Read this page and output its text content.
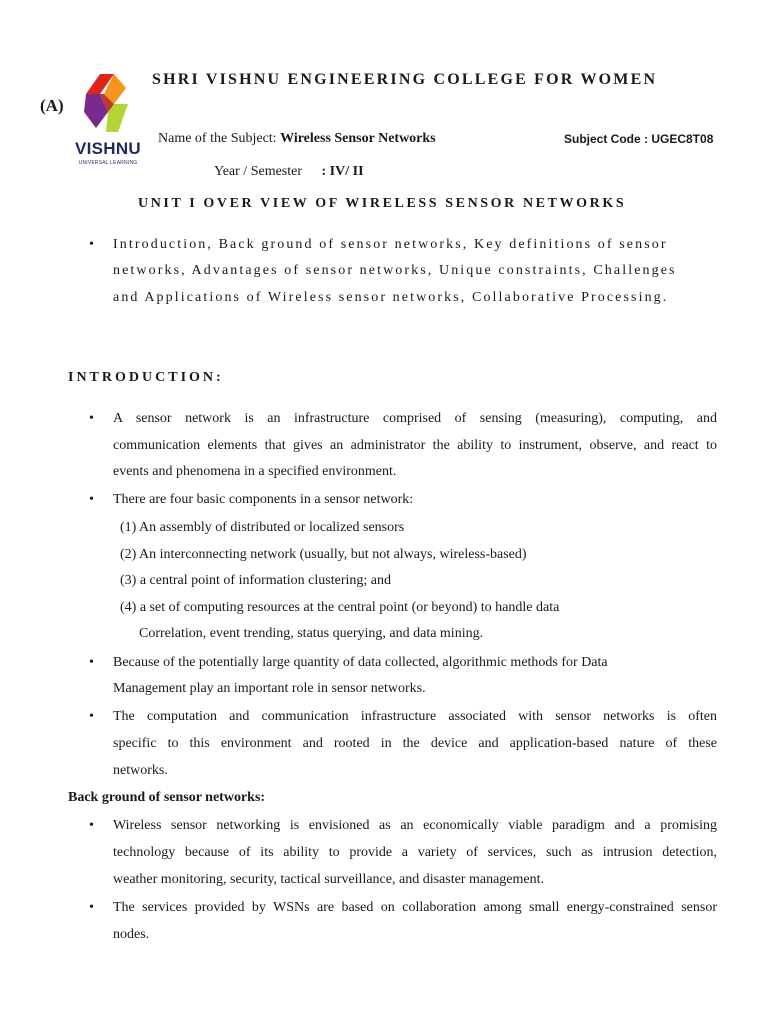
(A)
VISHNU
UNIVERSAL LEARNING
SHRI VISHNU ENGINEERING COLLEGE FOR WOMEN
Name of the Subject: Wireless Sensor Networks	Subject Code : UGEC8T08
Year / Semester : IV/ II
UNIT I OVER VIEW OF WIRELESS SENSOR NETWORKS
• Introduction, Back ground of sensor networks, Key definitions of sensor
networks, Advantages of sensor networks, Unique constraints, Challenges
and Applications of Wireless sensor networks, Collaborative Processing.
INTRODUCTION:
• A sensor network is an infrastructure comprised of sensing (measuring), computing, and
communication elements that gives an administrator the ability to instrument, observe, and react to
events and phenomena in a specified environment.
• There are four basic components in a sensor network:
(1) An assembly of distributed or localized sensors
(2) An interconnecting network (usually, but not always, wireless-based)
(3) a central point of information clustering; and
(4) a set of computing resources at the central point (or beyond) to handle data
Correlation, event trending, status querying, and data mining.
• Because of the potentially large quantity of data collected, algorithmic methods for Data
Management play an important role in sensor networks.
• The computation and communication infrastructure associated with sensor networks is often
specific to this environment and rooted in the device and application-based nature of these
networks.
Back ground of sensor networks:
• Wireless sensor networking is envisioned as an economically viable paradigm and a promising
technology because of its ability to provide a variety of services, such as intrusion detection,
weather monitoring, security, tactical surveillance, and disaster management.
• The services provided by WSNs are based on collaboration among small energy-constrained sensor
nodes.
